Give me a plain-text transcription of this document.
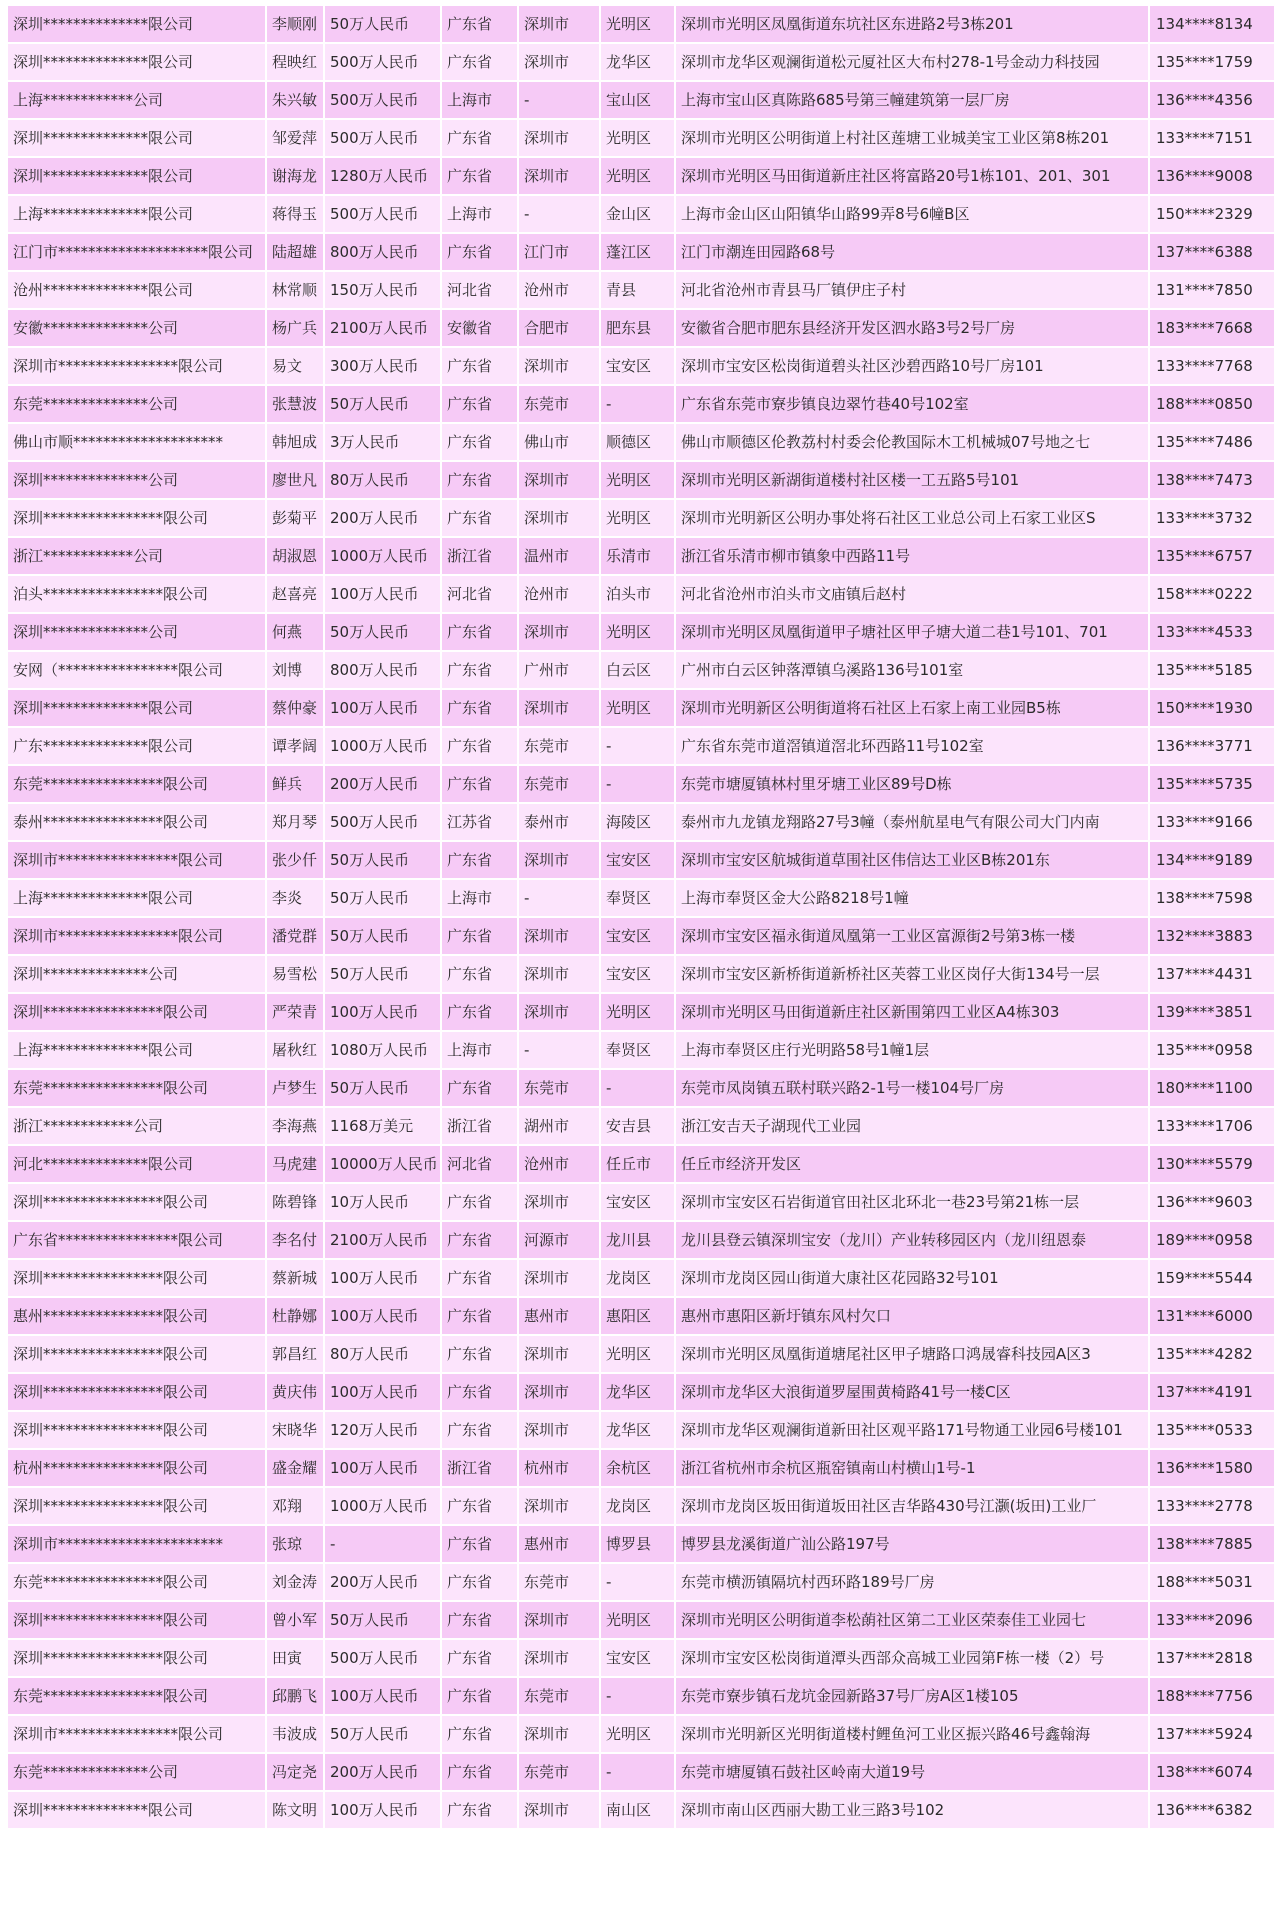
深圳**************限公司	李顺刚	50万人民币	广东省	深圳市	光明区	深圳市光明区凤凰街道东坑社区东进路2号3栋201	134****8134
深圳**************限公司	程映红	500万人民币	广东省	深圳市	龙华区	深圳市龙华区观澜街道松元厦社区大布村278-1号金动力科技园	135****1759
上海************公司	朱兴敏	500万人民币	上海市	-	宝山区	上海市宝山区真陈路685号第三幢建筑第一层厂房	136****4356
深圳**************限公司	邹爱萍	500万人民币	广东省	深圳市	光明区	深圳市光明区公明街道上村社区莲塘工业城美宝工业区第8栋201	133****7151
深圳**************限公司	谢海龙	1280万人民币	广东省	深圳市	光明区	深圳市光明区马田街道新庄社区将富路20号1栋101、201、301	136****9008
上海**************限公司	蒋得玉	500万人民币	上海市	-	金山区	上海市金山区山阳镇华山路99弄8号6幢B区	150****2329
江门市********************限公司	陆超雄	800万人民币	广东省	江门市	蓬江区	江门市潮连田园路68号	137****6388
沧州**************限公司	林常顺	150万人民币	河北省	沧州市	青县	河北省沧州市青县马厂镇伊庄子村	131****7850
安徽**************公司	杨广兵	2100万人民币	安徽省	合肥市	肥东县	安徽省合肥市肥东县经济开发区泗水路3号2号厂房	183****7668
深圳市****************限公司	易文	300万人民币	广东省	深圳市	宝安区	深圳市宝安区松岗街道碧头社区沙碧西路10号厂房101	133****7768
东莞**************公司	张慧波	50万人民币	广东省	东莞市	-	广东省东莞市寮步镇良边翠竹巷40号102室	188****0850
佛山市顺********************	韩旭成	3万人民币	广东省	佛山市	顺德区	佛山市顺德区伦教荔村村委会伦教国际木工机械城07号地之七	135****7486
深圳**************公司	廖世凡	80万人民币	广东省	深圳市	光明区	深圳市光明区新湖街道楼村社区楼一工五路5号101	138****7473
深圳****************限公司	彭菊平	200万人民币	广东省	深圳市	光明区	深圳市光明新区公明办事处将石社区工业总公司上石家工业区S	133****3732
浙江************公司	胡淑恩	1000万人民币	浙江省	温州市	乐清市	浙江省乐清市柳市镇象中西路11号	135****6757
泊头****************限公司	赵喜亮	100万人民币	河北省	沧州市	泊头市	河北省沧州市泊头市文庙镇后赵村	158****0222
深圳**************公司	何燕	50万人民币	广东省	深圳市	光明区	深圳市光明区凤凰街道甲子塘社区甲子塘大道二巷1号101、701	133****4533
安网（****************限公司	刘博	800万人民币	广东省	广州市	白云区	广州市白云区钟落潭镇乌溪路136号101室	135****5185
深圳**************限公司	蔡仲豪	100万人民币	广东省	深圳市	光明区	深圳市光明新区公明街道将石社区上石家上南工业园B5栋	150****1930
广东**************限公司	谭孝阔	1000万人民币	广东省	东莞市	-	广东省东莞市道滘镇道滘北环西路11号102室	136****3771
东莞****************限公司	鲜兵	200万人民币	广东省	东莞市	-	东莞市塘厦镇林村里牙塘工业区89号D栋	135****5735
泰州****************限公司	郑月琴	500万人民币	江苏省	泰州市	海陵区	泰州市九龙镇龙翔路27号3幢（泰州航星电气有限公司大门内南	133****9166
深圳市****************限公司	张少仟	50万人民币	广东省	深圳市	宝安区	深圳市宝安区航城街道草围社区伟信达工业区B栋201东	134****9189
上海**************限公司	李炎	50万人民币	上海市	-	奉贤区	上海市奉贤区金大公路8218号1幢	138****7598
深圳市****************限公司	潘党群	50万人民币	广东省	深圳市	宝安区	深圳市宝安区福永街道凤凰第一工业区富源街2号第3栋一楼	132****3883
深圳**************公司	易雪松	50万人民币	广东省	深圳市	宝安区	深圳市宝安区新桥街道新桥社区芙蓉工业区岗仔大街134号一层	137****4431
深圳****************限公司	严荣青	100万人民币	广东省	深圳市	光明区	深圳市光明区马田街道新庄社区新围第四工业区A4栋303	139****3851
上海**************限公司	屠秋红	1080万人民币	上海市	-	奉贤区	上海市奉贤区庄行光明路58号1幢1层	135****0958
东莞****************限公司	卢梦生	50万人民币	广东省	东莞市	-	东莞市凤岗镇五联村联兴路2-1号一楼104号厂房	180****1100
浙江************公司	李海燕	1168万美元	浙江省	湖州市	安吉县	浙江安吉天子湖现代工业园	133****1706
河北**************限公司	马虎建	10000万人民币	河北省	沧州市	任丘市	任丘市经济开发区	130****5579
深圳****************限公司	陈碧锋	10万人民币	广东省	深圳市	宝安区	深圳市宝安区石岩街道官田社区北环北一巷23号第21栋一层	136****9603
广东省****************限公司	李名付	2100万人民币	广东省	河源市	龙川县	龙川县登云镇深圳宝安（龙川）产业转移园区内（龙川纽恩泰	189****0958
深圳****************限公司	蔡新城	100万人民币	广东省	深圳市	龙岗区	深圳市龙岗区园山街道大康社区花园路32号101	159****5544
惠州****************限公司	杜静娜	100万人民币	广东省	惠州市	惠阳区	惠州市惠阳区新圩镇东风村欠口	131****6000
深圳****************限公司	郭昌红	80万人民币	广东省	深圳市	光明区	深圳市光明区凤凰街道塘尾社区甲子塘路口鸿晟睿科技园A区3	135****4282
深圳****************限公司	黄庆伟	100万人民币	广东省	深圳市	龙华区	深圳市龙华区大浪街道罗屋围黄椅路41号一楼C区	137****4191
深圳****************限公司	宋晓华	120万人民币	广东省	深圳市	龙华区	深圳市龙华区观澜街道新田社区观平路171号物通工业园6号楼101	135****0533
杭州****************限公司	盛金耀	100万人民币	浙江省	杭州市	余杭区	浙江省杭州市余杭区瓶窑镇南山村横山1号-1	136****1580
深圳****************限公司	邓翔	1000万人民币	广东省	深圳市	龙岗区	深圳市龙岗区坂田街道坂田社区吉华路430号江灏(坂田)工业厂	133****2778
深圳市**********************	张琼	-	广东省	惠州市	博罗县	博罗县龙溪街道广汕公路197号	138****7885
东莞****************限公司	刘金涛	200万人民币	广东省	东莞市	-	东莞市横沥镇隔坑村西环路189号厂房	188****5031
深圳****************限公司	曾小军	50万人民币	广东省	深圳市	光明区	深圳市光明区公明街道李松蓢社区第二工业区荣泰佳工业园七	133****2096
深圳****************限公司	田寅	500万人民币	广东省	深圳市	宝安区	深圳市宝安区松岗街道潭头西部众高城工业园第F栋一楼（2）号	137****2818
东莞****************限公司	邱鹏飞	100万人民币	广东省	东莞市	-	东莞市寮步镇石龙坑金园新路37号厂房A区1楼105	188****7756
深圳市****************限公司	韦波成	50万人民币	广东省	深圳市	光明区	深圳市光明新区光明街道楼村鲤鱼河工业区振兴路46号鑫翰海	137****5924
东莞**************公司	冯定尧	200万人民币	广东省	东莞市	-	东莞市塘厦镇石鼓社区岭南大道19号	138****6074
深圳**************限公司	陈文明	100万人民币	广东省	深圳市	南山区	深圳市南山区西丽大勘工业三路3号102	136****6382
